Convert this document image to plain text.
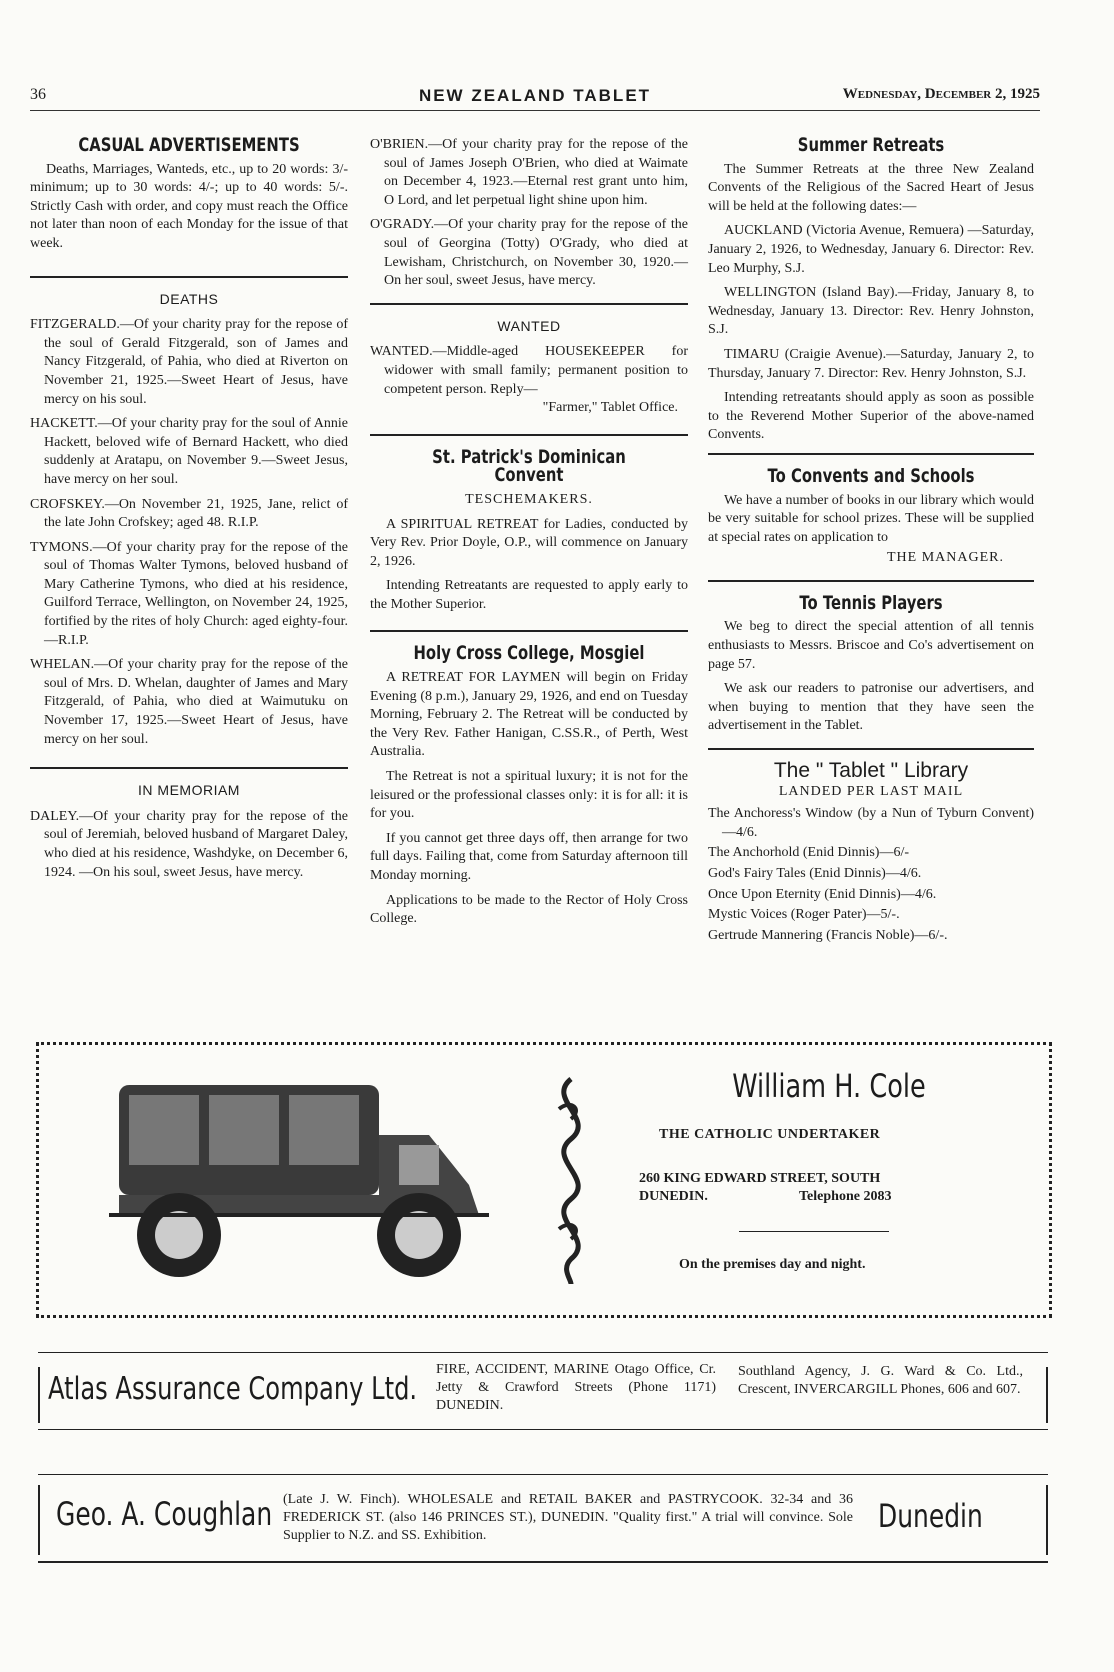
36	NEW ZEALAND TABLET	Wednesday, December 2, 1925
CASUAL ADVERTISEMENTS

Deaths, Marriages, Wanteds, etc., up to 20 words: 3/- minimum; up to 30 words: 4/-; up to 40 words: 5/-. Strictly Cash with order, and copy must reach the Office not later than noon of each Monday for the issue of that week.

DEATHS

FITZGERALD.—Of your charity pray for the repose of the soul of Gerald Fitzgerald, son of James and Nancy Fitzgerald, of Pahia, who died at Riverton on November 21, 1925.—Sweet Heart of Jesus, have mercy on his soul.

HACKETT.—Of your charity pray for the soul of Annie Hackett, beloved wife of Bernard Hackett, who died suddenly at Aratapu, on November 9.—Sweet Jesus, have mercy on her soul.

CROFSKEY.—On November 21, 1925, Jane, relict of the late John Crofskey; aged 48. R.I.P.

TYMONS.—Of your charity pray for the repose of the soul of Thomas Walter Tymons, beloved husband of Mary Catherine Tymons, who died at his residence, Guilford Terrace, Wellington, on November 24, 1925, fortified by the rites of holy Church: aged eighty-four.—R.I.P.

WHELAN.—Of your charity pray for the repose of the soul of Mrs. D. Whelan, daughter of James and Mary Fitzgerald, of Pahia, who died at Waimutuku on November 17, 1925.—Sweet Heart of Jesus, have mercy on her soul.

IN MEMORIAM

DALEY.—Of your charity pray for the repose of the soul of Jeremiah, beloved husband of Margaret Daley, who died at his residence, Washdyke, on December 6, 1924. —On his soul, sweet Jesus, have mercy.

O'BRIEN.—Of your charity pray for the repose of the soul of James Joseph O'Brien, who died at Waimate on December 4, 1923.—Eternal rest grant unto him, O Lord, and let perpetual light shine upon him.

O'GRADY.—Of your charity pray for the repose of the soul of Georgina (Totty) O'Grady, who died at Lewisham, Christchurch, on November 30, 1920.—On her soul, sweet Jesus, have mercy.

WANTED

WANTED.—Middle-aged HOUSEKEEPER for widower with small family; permanent position to competent person. Reply—

"Farmer," Tablet Office.

St. Patrick's Dominican Convent

TESCHEMAKERS.

A SPIRITUAL RETREAT for Ladies, conducted by Very Rev. Prior Doyle, O.P., will commence on January 2, 1926.

Intending Retreatants are requested to apply early to the Mother Superior.

Holy Cross College, Mosgiel

A RETREAT FOR LAYMEN will begin on Friday Evening (8 p.m.), January 29, 1926, and end on Tuesday Morning, February 2. The Retreat will be conducted by the Very Rev. Father Hanigan, C.SS.R., of Perth, West Australia.

The Retreat is not a spiritual luxury; it is not for the leisured or the professional classes only: it is for all: it is for you.

If you cannot get three days off, then arrange for two full days. Failing that, come from Saturday afternoon till Monday morning.

Applications to be made to the Rector of Holy Cross College.

Summer Retreats

The Summer Retreats at the three New Zealand Convents of the Religious of the Sacred Heart of Jesus will be held at the following dates:—

AUCKLAND (Victoria Avenue, Remuera) —Saturday, January 2, 1926, to Wednesday, January 6. Director: Rev. Leo Murphy, S.J.

WELLINGTON (Island Bay).—Friday, January 8, to Wednesday, January 13. Director: Rev. Henry Johnston, S.J.

TIMARU (Craigie Avenue).—Saturday, January 2, to Thursday, January 7. Director: Rev. Henry Johnston, S.J.

Intending retreatants should apply as soon as possible to the Reverend Mother Superior of the above-named Convents.

To Convents and Schools

We have a number of books in our library which would be very suitable for school prizes. These will be supplied at special rates on application to

THE MANAGER.

To Tennis Players

We beg to direct the special attention of all tennis enthusiasts to Messrs. Briscoe and Co's advertisement on page 57.

We ask our readers to patronise our advertisers, and when buying to mention that they have seen the advertisement in the Tablet.

The " Tablet " Library

LANDED PER LAST MAIL

The Anchoress's Window (by a Nun of Tyburn Convent)—4/6.

The Anchorhold (Enid Dinnis)—6/-

God's Fairy Tales (Enid Dinnis)—4/6.

Once Upon Eternity (Enid Dinnis)—4/6.

Mystic Voices (Roger Pater)—5/-.

Gertrude Mannering (Francis Noble)—6/-.

William H. Cole
THE CATHOLIC UNDERTAKER
260 KING EDWARD STREET, SOUTH
DUNEDIN.	Telephone 2083
On the premises day and night.
Atlas Assurance Company Ltd.
FIRE, ACCIDENT, MARINE Otago Office, Cr. Jetty & Crawford Streets (Phone 1171) DUNEDIN.
Southland Agency, J. G. Ward & Co. Ltd., Crescent, INVERCARGILL Phones, 606 and 607.
Geo. A. Coughlan (Late J. W. Finch). WHOLESALE and RETAIL BAKER and PASTRYCOOK. 32-34 and 36 FREDERICK ST. (also 146 PRINCES ST.), DUNEDIN. "Quality first." A trial will convince. Sole Supplier to N.Z. and SS. Exhibition.
Dunedin
